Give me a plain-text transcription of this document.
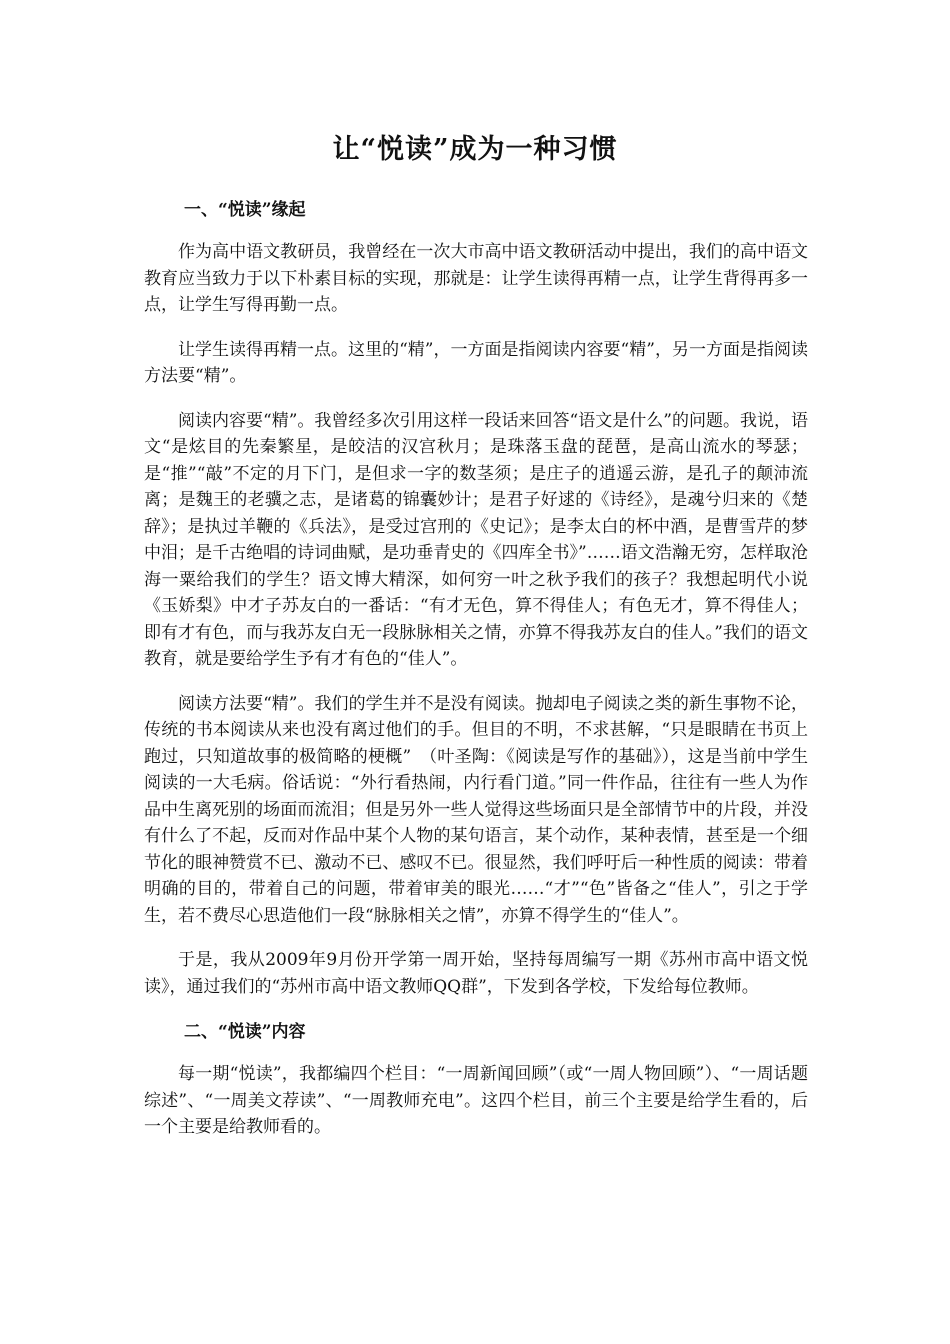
让“悦读”成为一种习惯
一、“悦读”缘起

作为高中语文教研员，我曾经在一次大市高中语文教研活动中提出，我们的高中语文教育应当致力于以下朴素目标的实现，那就是：让学生读得再精一点，让学生背得再多一点，让学生写得再勤一点。

让学生读得再精一点。这里的“精”，一方面是指阅读内容要“精”，另一方面是指阅读方法要“精”。

阅读内容要“精”。我曾经多次引用这样一段话来回答“语文是什么”的问题。我说，语文“是炫目的先秦繁星，是皎洁的汉宫秋月；是珠落玉盘的琵琶，是高山流水的琴瑟；是“推”“敲”不定的月下门，是但求一字的数茎须；是庄子的逍遥云游，是孔子的颠沛流离；是魏王的老骥之志，是诸葛的锦囊妙计；是君子好逑的《诗经》，是魂兮归来的《楚辞》；是执过羊鞭的《兵法》，是受过宫刑的《史记》；是李太白的杯中酒，是曹雪芹的梦中泪；是千古绝唱的诗词曲赋，是功垂青史的《四库全书》”……语文浩瀚无穷，怎样取沧海一粟给我们的学生？语文博大精深，如何穷一叶之秋予我们的孩子？我想起明代小说《玉娇梨》中才子苏友白的一番话：“有才无色，算不得佳人；有色无才，算不得佳人；即有才有色，而与我苏友白无一段脉脉相关之情，亦算不得我苏友白的佳人。”我们的语文教育，就是要给学生予有才有色的“佳人”。

阅读方法要“精”。我们的学生并不是没有阅读。抛却电子阅读之类的新生事物不论，传统的书本阅读从来也没有离过他们的手。但目的不明，不求甚解，“只是眼睛在书页上跑过，只知道故事的极简略的梗概”　（叶圣陶：《阅读是写作的基础》），这是当前中学生阅读的一大毛病。俗话说：“外行看热闹，内行看门道。”同一件作品，往往有一些人为作品中生离死别的场面而流泪；但是另外一些人觉得这些场面只是全部情节中的片段，并没有什么了不起，反而对作品中某个人物的某句语言，某个动作，某种表情，甚至是一个细节化的眼神赞赏不已、激动不已、感叹不已。很显然，我们呼吁后一种性质的阅读：带着明确的目的，带着自己的问题，带着审美的眼光……“才”“色”皆备之“佳人”，引之于学生，若不费尽心思造他们一段“脉脉相关之情”，亦算不得学生的“佳人”。

于是，我从2009年9月份开学第一周开始，坚持每周编写一期《苏州市高中语文悦读》，通过我们的“苏州市高中语文教师QQ群”，下发到各学校，下发给每位教师。

二、“悦读”内容

每一期“悦读”，我都编四个栏目：“一周新闻回顾”（或“一周人物回顾”）、“一周话题综述”、“一周美文荐读”、“一周教师充电”。这四个栏目，前三个主要是给学生看的，后一个主要是给教师看的。
